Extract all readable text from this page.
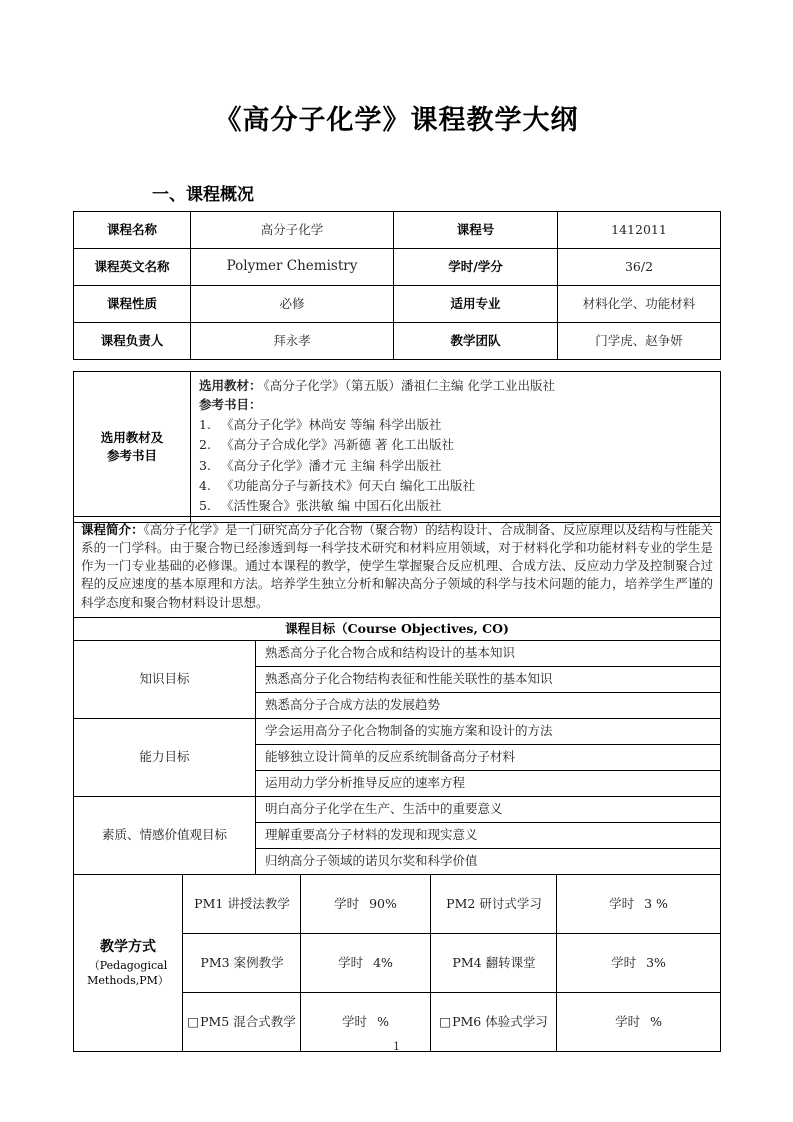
《高分子化学》课程教学大纲
一、课程概况
课程名称	高分子化学	课程号	1412011
课程英文名称	Polymer Chemistry	学时/学分	36/2
课程性质	必修	适用专业	材料化学、功能材料
课程负责人	拜永孝	教学团队	门学虎、赵争妍
选用教材及
参考书目	
选用教材： 《高分子化学》（第五版）潘祖仁主编 化学工业出版社
参考书目：
1. 《高分子化学》林尚安 等编 科学出版社
2. 《高分子合成化学》冯新德 著 化工出版社
3. 《高分子化学》潘才元 主编 科学出版社
4. 《功能高分子与新技术》何天白 编化工出版社
5. 《活性聚合》张洪敏 编 中国石化出版社
课程简介：《高分子化学》是一门研究高分子化合物（聚合物）的结构设计、合成制备、反应原理以及结构与性能关系的一门学科。由于聚合物已经渗透到每一科学技术研究和材料应用领域，对于材料化学和功能材料专业的学生是作为一门专业基础的必修课。通过本课程的教学，使学生掌握聚合反应机理、合成方法、反应动力学及控制聚合过程的反应速度的基本原理和方法。培养学生独立分析和解决高分子领域的科学与技术问题的能力，培养学生严谨的科学态度和聚合物材料设计思想。					
课程目标（Course Objectives, CO)					
知识目标		熟悉高分子化合物合成和结构设计的基本知识			
		熟悉高分子化合物结构表征和性能关联性的基本知识			
		熟悉高分子合成方法的发展趋势			
能力目标		学会运用高分子化合物制备的实施方案和设计的方法			
		能够独立设计简单的反应系统制备高分子材料			
		运用动力学分析推导反应的速率方程			
素质、情感价值观目标		明白高分子化学在生产、生活中的重要意义			
		理解重要高分子材料的发现和现实意义			
		归纳高分子领域的诺贝尔奖和科学价值			

教学方式
（Pedagogical
Methods,PM）	PM1 讲授法教学		学时 90%	PM2 研讨式学习	学时 3 %
	PM3 案例教学		学时 4%	PM4 翻转课堂	学时 3%
	□PM5 混合式教学		学时 %	□PM6 体验式学习	学时 %
1
